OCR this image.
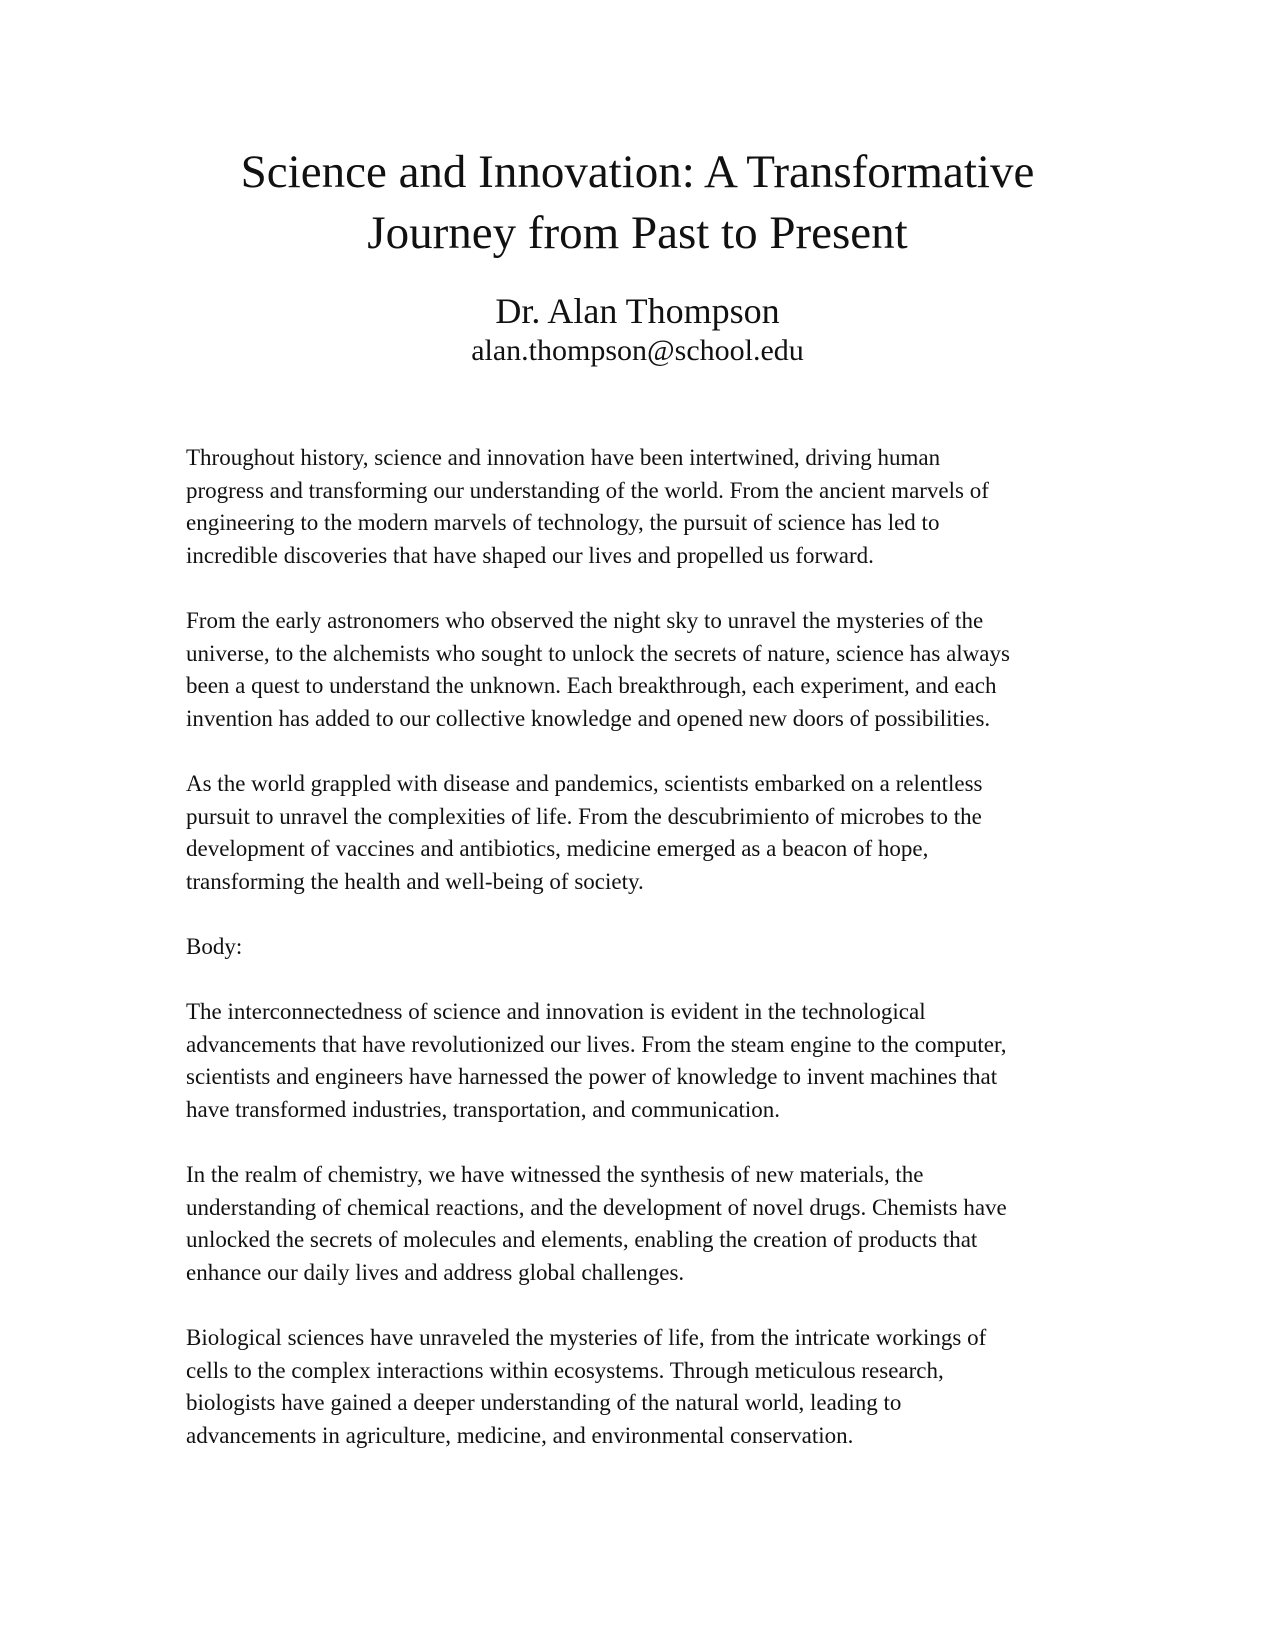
Science and Innovation: A Transformative
Journey from Past to Present

Dr. Alan Thompson

alan.thompson@school.edu

Throughout history, science and innovation have been intertwined, driving human
progress and transforming our understanding of the world. From the ancient marvels of
engineering to the modern marvels of technology, the pursuit of science has led to
incredible discoveries that have shaped our lives and propelled us forward.

From the early astronomers who observed the night sky to unravel the mysteries of the
universe, to the alchemists who sought to unlock the secrets of nature, science has always
been a quest to understand the unknown. Each breakthrough, each experiment, and each
invention has added to our collective knowledge and opened new doors of possibilities.

As the world grappled with disease and pandemics, scientists embarked on a relentless
pursuit to unravel the complexities of life. From the descubrimiento of microbes to the
development of vaccines and antibiotics, medicine emerged as a beacon of hope,
transforming the health and well-being of society.

Body:

The interconnectedness of science and innovation is evident in the technological
advancements that have revolutionized our lives. From the steam engine to the computer,
scientists and engineers have harnessed the power of knowledge to invent machines that
have transformed industries, transportation, and communication.

In the realm of chemistry, we have witnessed the synthesis of new materials, the
understanding of chemical reactions, and the development of novel drugs. Chemists have
unlocked the secrets of molecules and elements, enabling the creation of products that
enhance our daily lives and address global challenges.

Biological sciences have unraveled the mysteries of life, from the intricate workings of
cells to the complex interactions within ecosystems. Through meticulous research,
biologists have gained a deeper understanding of the natural world, leading to
advancements in agriculture, medicine, and environmental conservation.
